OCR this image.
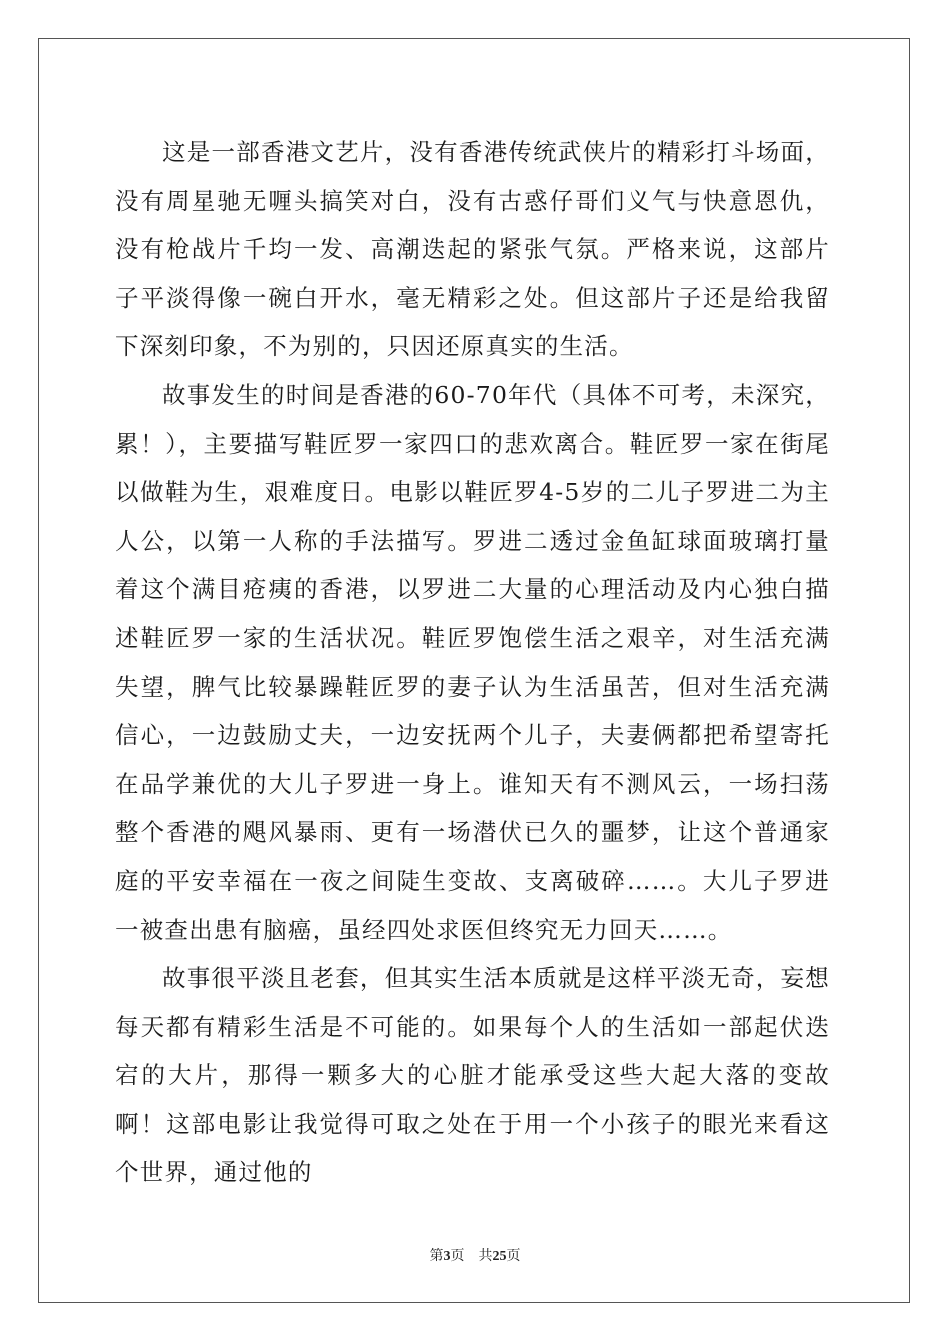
这是一部香港文艺片，没有香港传统武侠片的精彩打斗场面，没有周星驰无喱头搞笑对白，没有古惑仔哥们义气与快意恩仇，没有枪战片千均一发、高潮迭起的紧张气氛。严格来说，这部片子平淡得像一碗白开水，毫无精彩之处。但这部片子还是给我留下深刻印象，不为别的，只因还原真实的生活。

故事发生的时间是香港的60-70年代（具体不可考，未深究，累！），主要描写鞋匠罗一家四口的悲欢离合。鞋匠罗一家在街尾以做鞋为生，艰难度日。电影以鞋匠罗4-5岁的二儿子罗进二为主人公，以第一人称的手法描写。罗进二透过金鱼缸球面玻璃打量着这个满目疮痍的香港，以罗进二大量的心理活动及内心独白描述鞋匠罗一家的生活状况。鞋匠罗饱偿生活之艰辛，对生活充满失望，脾气比较暴躁鞋匠罗的妻子认为生活虽苦，但对生活充满信心，一边鼓励丈夫，一边安抚两个儿子，夫妻俩都把希望寄托在品学兼优的大儿子罗进一身上。谁知天有不测风云，一场扫荡整个香港的飓风暴雨、更有一场潜伏已久的噩梦，让这个普通家庭的平安幸福在一夜之间陡生变故、支离破碎……。大儿子罗进一被查出患有脑癌，虽经四处求医但终究无力回天……。

故事很平淡且老套，但其实生活本质就是这样平淡无奇，妄想每天都有精彩生活是不可能的。如果每个人的生活如一部起伏迭宕的大片，那得一颗多大的心脏才能承受这些大起大落的变故啊！这部电影让我觉得可取之处在于用一个小孩子的眼光来看这个世界，通过他的

第3页 共25页
